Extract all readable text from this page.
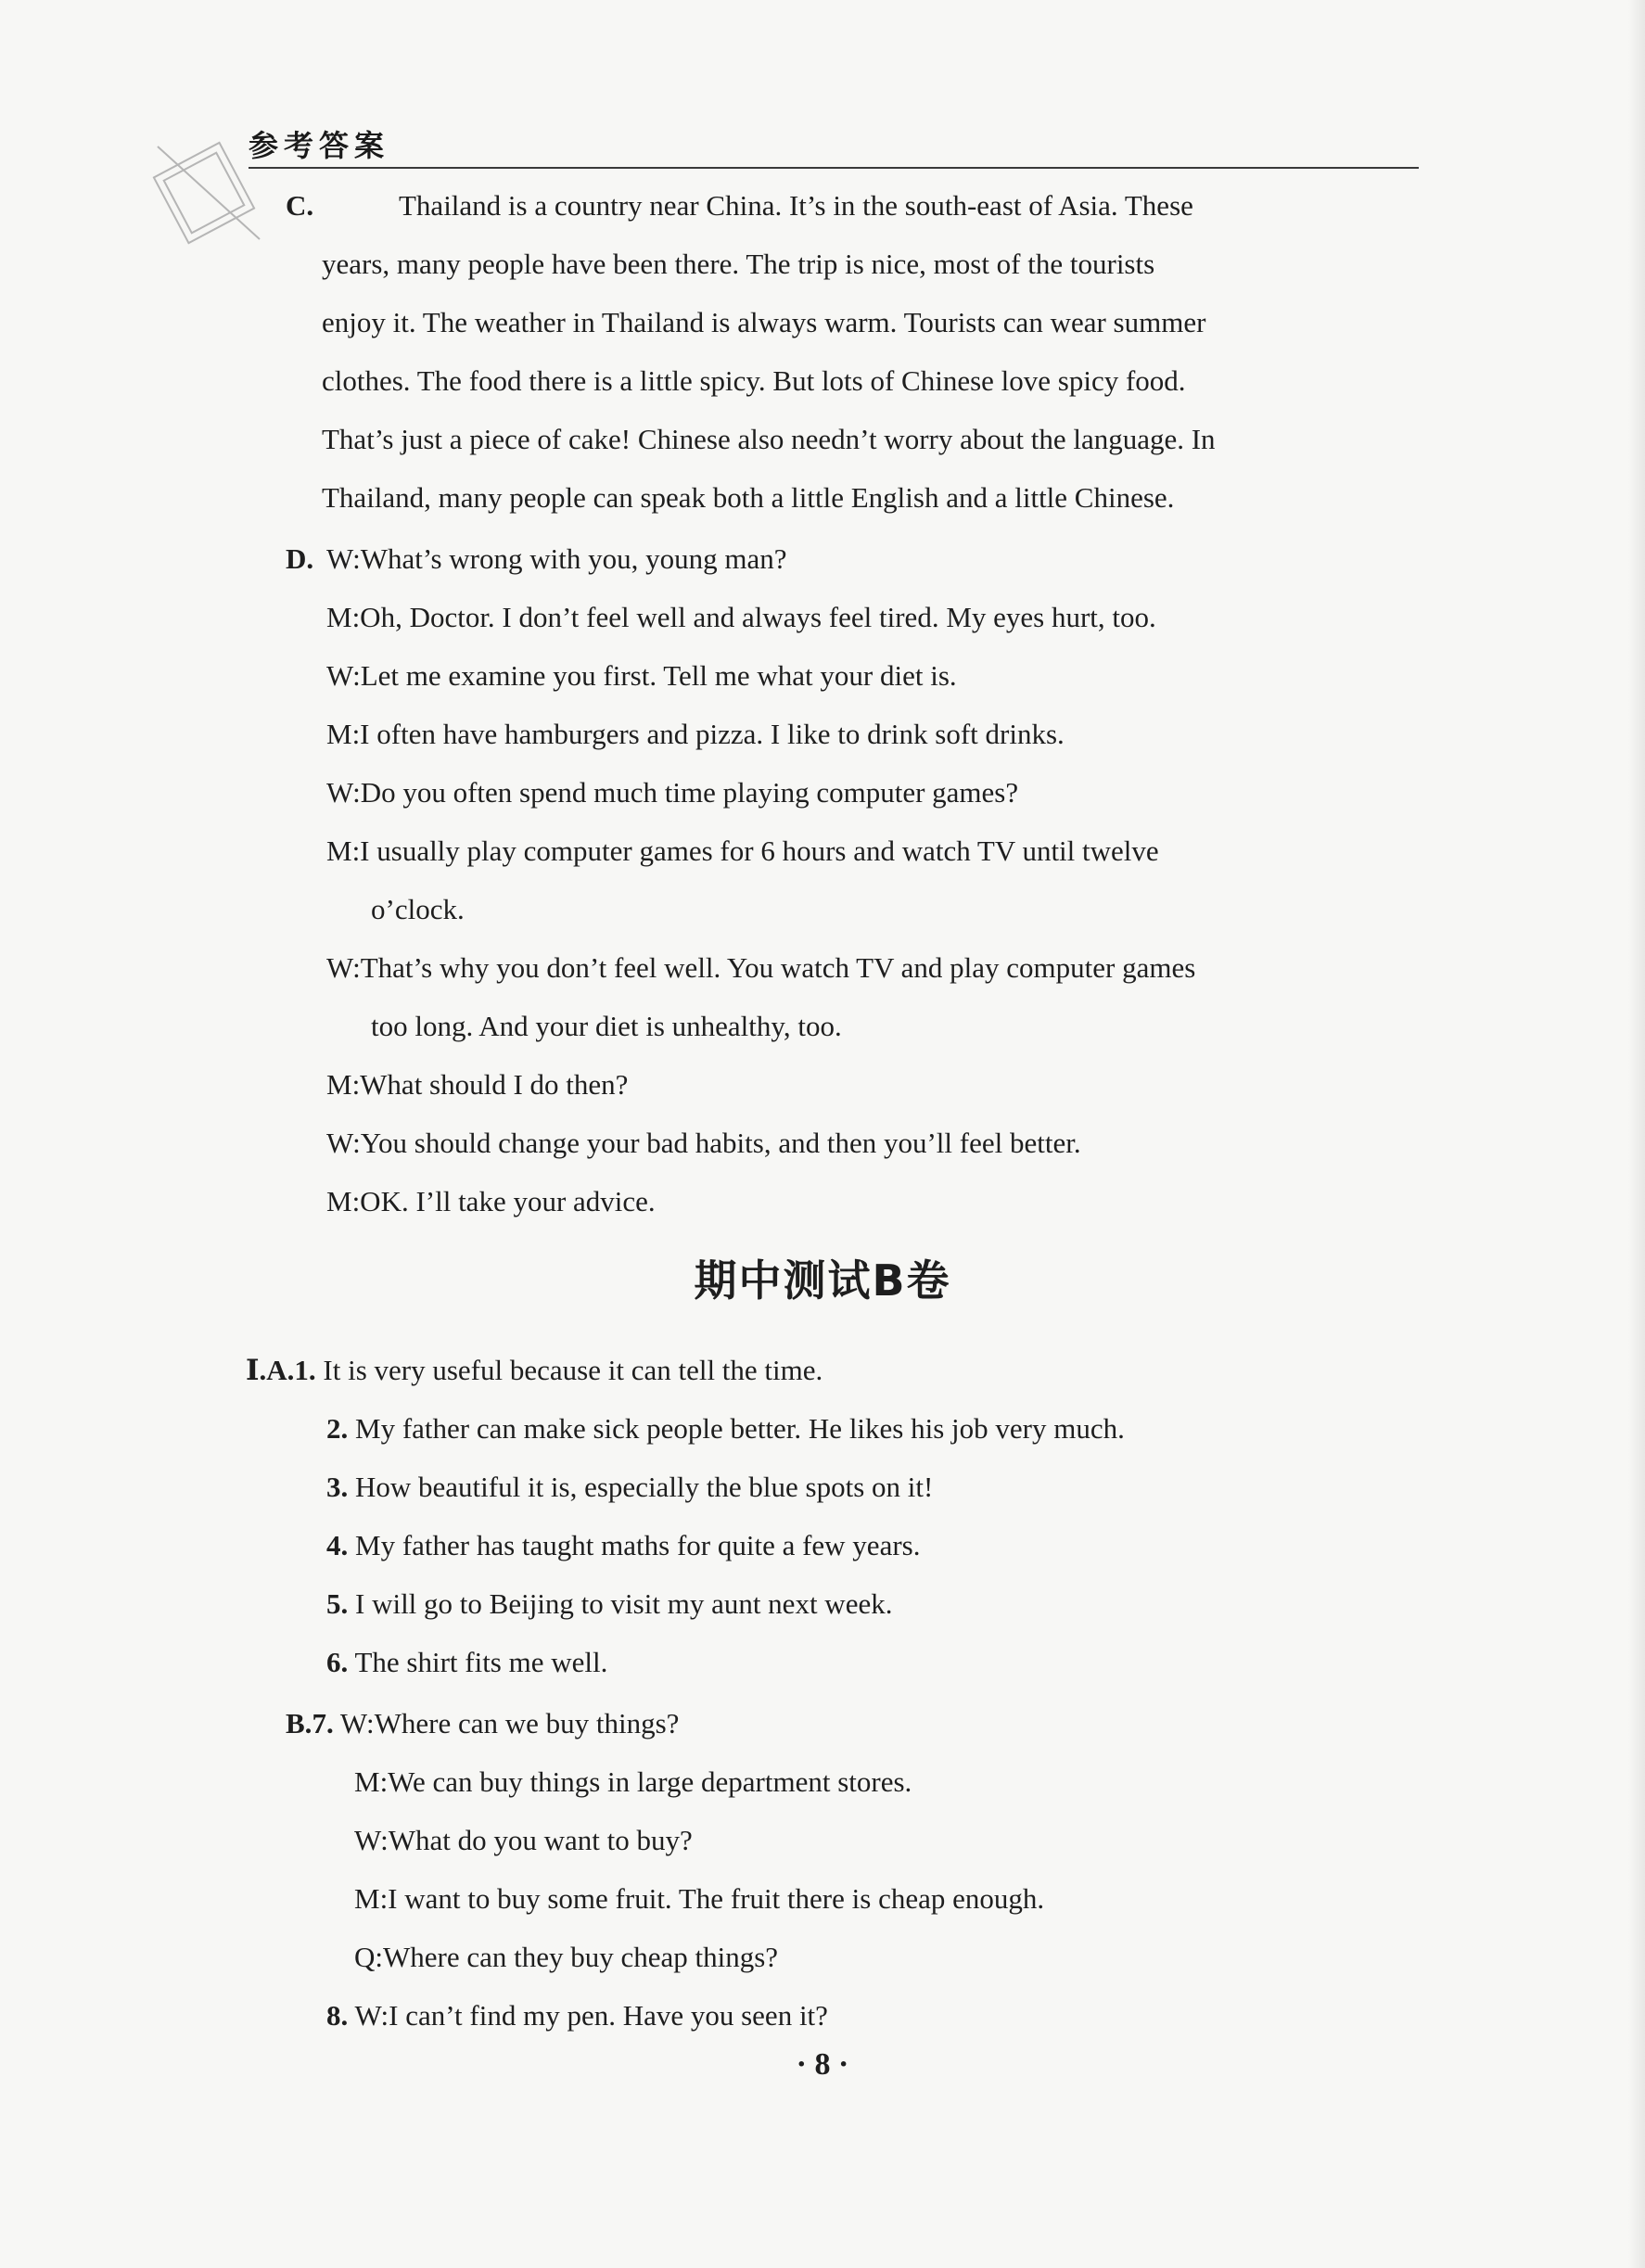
参考答案
C.	Thailand is a country near China. It’s in the south-east of Asia. These
years, many people have been there. The trip is nice, most of the tourists
enjoy it. The weather in Thailand is always warm. Tourists can wear summer
clothes. The food there is a little spicy. But lots of Chinese love spicy food.
That’s just a piece of cake! Chinese also needn’t worry about the language. In
Thailand, many people can speak both a little English and a little Chinese.
D. W:What’s wrong with you, young man?
M:Oh, Doctor. I don’t feel well and always feel tired. My eyes hurt, too.
W:Let me examine you first. Tell me what your diet is.
M:I often have hamburgers and pizza. I like to drink soft drinks.
W:Do you often spend much time playing computer games?
M:I usually play computer games for 6 hours and watch TV until twelve
o’clock.
W:That’s why you don’t feel well. You watch TV and play computer games
too long. And your diet is unhealthy, too.
M:What should I do then?
W:You should change your bad habits, and then you’ll feel better.
M:OK. I’ll take your advice.
期中测试B卷
Ⅰ.A.1. It is very useful because it can tell the time.
2. My father can make sick people better. He likes his job very much.
3. How beautiful it is, especially the blue spots on it!
4. My father has taught maths for quite a few years.
5. I will go to Beijing to visit my aunt next week.
6. The shirt fits me well.
B.7. W:Where can we buy things?
M:We can buy things in large department stores.
W:What do you want to buy?
M:I want to buy some fruit. The fruit there is cheap enough.
Q:Where can they buy cheap things?
8. W:I can’t find my pen. Have you seen it?
· 8 ·
